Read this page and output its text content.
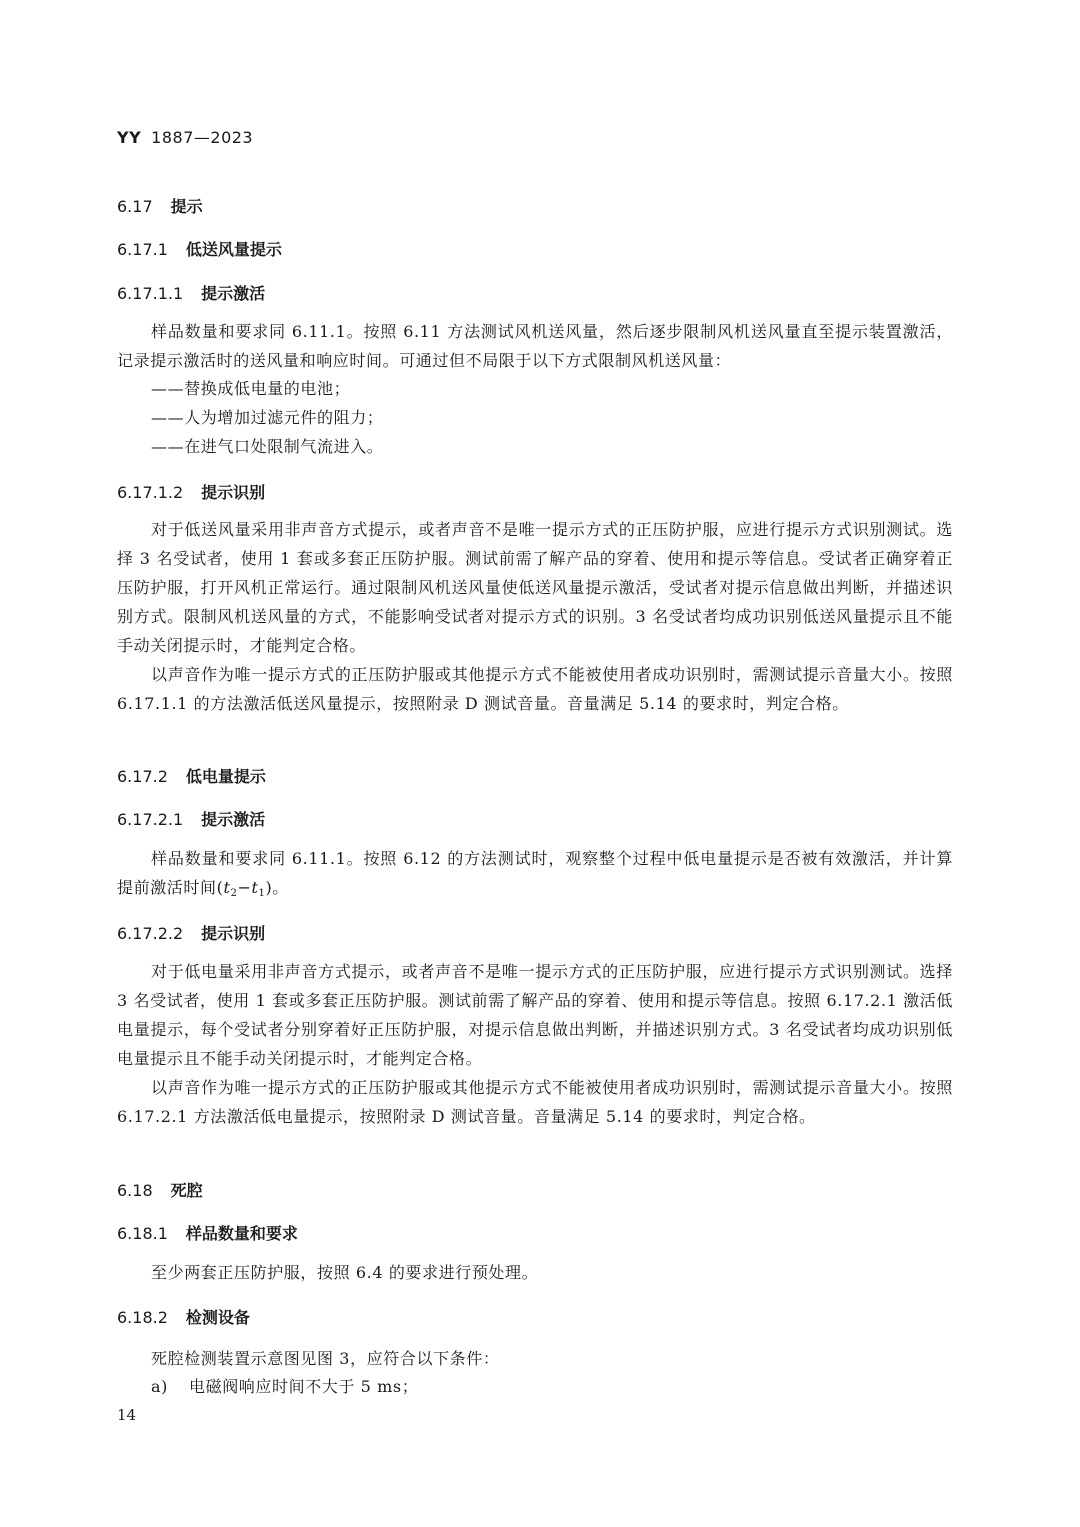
YY 1887—2023
6.17 提示
6.17.1 低送风量提示
6.17.1.1 提示激活
样品数量和要求同 6.11.1。按照 6.11 方法测试风机送风量，然后逐步限制风机送风量直至提示装置激活，记录提示激活时的送风量和响应时间。可通过但不局限于以下方式限制风机送风量：
——替换成低电量的电池；
——人为增加过滤元件的阻力；
——在进气口处限制气流进入。
6.17.1.2 提示识别
对于低送风量采用非声音方式提示，或者声音不是唯一提示方式的正压防护服，应进行提示方式识别测试。选择 3 名受试者，使用 1 套或多套正压防护服。测试前需了解产品的穿着、使用和提示等信息。受试者正确穿着正压防护服，打开风机正常运行。通过限制风机送风量使低送风量提示激活，受试者对提示信息做出判断，并描述识别方式。限制风机送风量的方式，不能影响受试者对提示方式的识别。3 名受试者均成功识别低送风量提示且不能手动关闭提示时，才能判定合格。
以声音作为唯一提示方式的正压防护服或其他提示方式不能被使用者成功识别时，需测试提示音量大小。按照 6.17.1.1 的方法激活低送风量提示，按照附录 D 测试音量。音量满足 5.14 的要求时，判定合格。
6.17.2 低电量提示
6.17.2.1 提示激活
样品数量和要求同 6.11.1。按照 6.12 的方法测试时，观察整个过程中低电量提示是否被有效激活，并计算提前激活时间$(t_2-t_1)$。
6.17.2.2 提示识别
对于低电量采用非声音方式提示，或者声音不是唯一提示方式的正压防护服，应进行提示方式识别测试。选择 3 名受试者，使用 1 套或多套正压防护服。测试前需了解产品的穿着、使用和提示等信息。按照 6.17.2.1 激活低电量提示，每个受试者分别穿着好正压防护服，对提示信息做出判断，并描述识别方式。3 名受试者均成功识别低电量提示且不能手动关闭提示时，才能判定合格。
以声音作为唯一提示方式的正压防护服或其他提示方式不能被使用者成功识别时，需测试提示音量大小。按照 6.17.2.1 方法激活低电量提示，按照附录 D 测试音量。音量满足 5.14 的要求时，判定合格。
6.18 死腔
6.18.1 样品数量和要求
至少两套正压防护服，按照 6.4 的要求进行预处理。
6.18.2 检测设备
死腔检测装置示意图见图 3，应符合以下条件：
a) 电磁阀响应时间不大于 5 ms；
14
